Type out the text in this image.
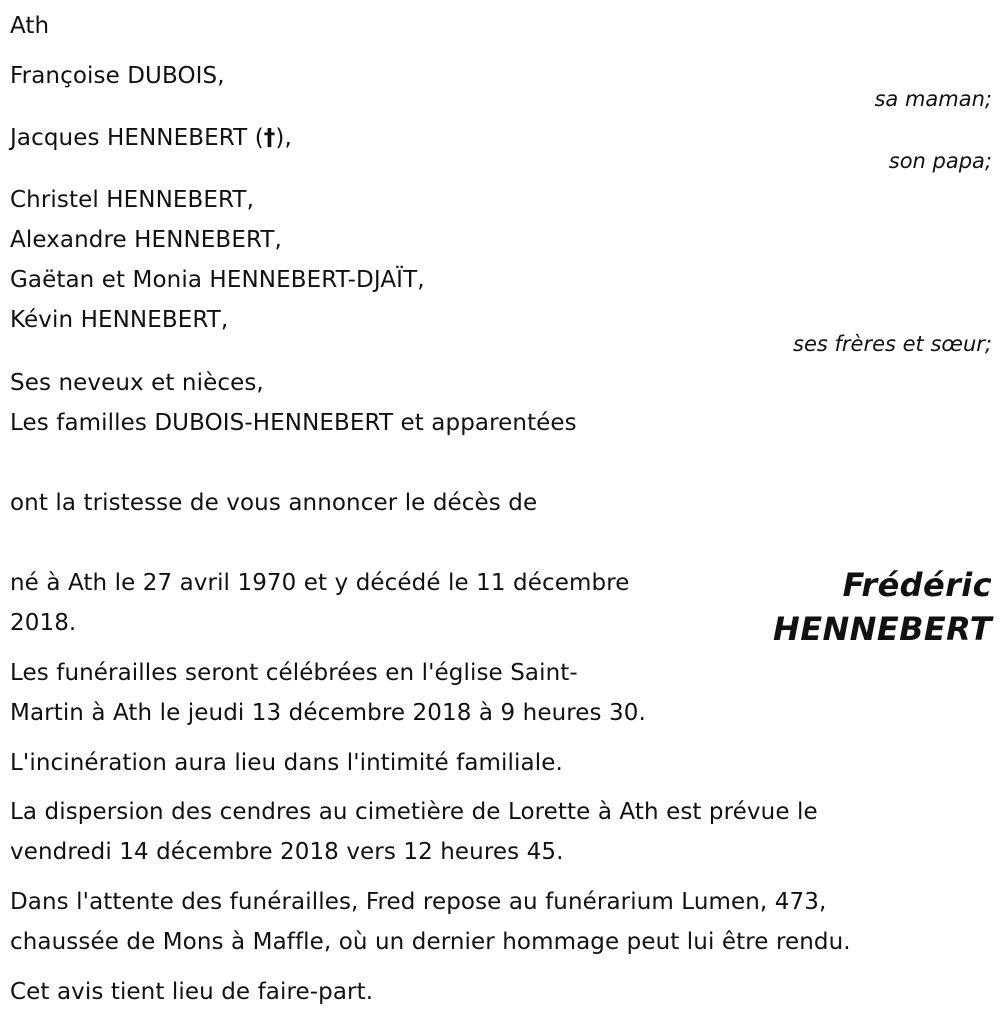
Ath
Françoise DUBOIS,
sa maman;
Jacques HENNEBERT (†),
son papa;
Christel HENNEBERT,
Alexandre HENNEBERT,
Gaëtan et Monia HENNEBERT-DJAÏT,
Kévin HENNEBERT,
ses frères et sœur;
Ses neveux et nièces,
Les familles DUBOIS-HENNEBERT et apparentées
ont la tristesse de vous annoncer le décès de
né à Ath le 27 avril 1970 et y décédé le 11 décembre
2018.
Frédéric
HENNEBERT
Les funérailles seront célébrées en l'église Saint-
Martin à Ath le jeudi 13 décembre 2018 à 9 heures 30.
L'incinération aura lieu dans l'intimité familiale.
La dispersion des cendres au cimetière de Lorette à Ath est prévue le
vendredi 14 décembre 2018 vers 12 heures 45.
Dans l'attente des funérailles, Fred repose au funérarium Lumen, 473,
chaussée de Mons à Maffle, où un dernier hommage peut lui être rendu.
Cet avis tient lieu de faire-part.
